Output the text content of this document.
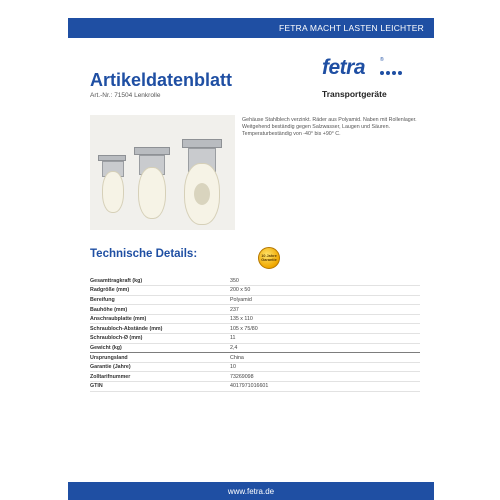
FETRA MACHT LASTEN LEICHTER
Artikeldatenblatt
Art.-Nr.: 71504 Lenkrolle
fetra	®
Transportgeräte
Gehäuse Stahlblech verzinkt. Räder aus Polyamid. Naben mit Rollenlager. Weitgehend beständig gegen Salzwasser, Laugen und Säuren. Temperaturbeständig von -40° bis +90° C.
Technische Details:	10 Jahre Garantie
Gesamttragkraft (kg)	350
Radgröße (mm)	200 x 50
Bereifung	Polyamid
Bauhöhe (mm)	237
Anschraubplatte (mm)	135 x 110
Schraubloch-Abstände (mm)	105 x 75/80
Schraubloch-Ø (mm)	11
Gewicht (kg)	2,4
Ursprungsland	China
Garantie (Jahre)	10
Zolltarifnummer	73269098
GTIN	4017971016601
www.fetra.de
